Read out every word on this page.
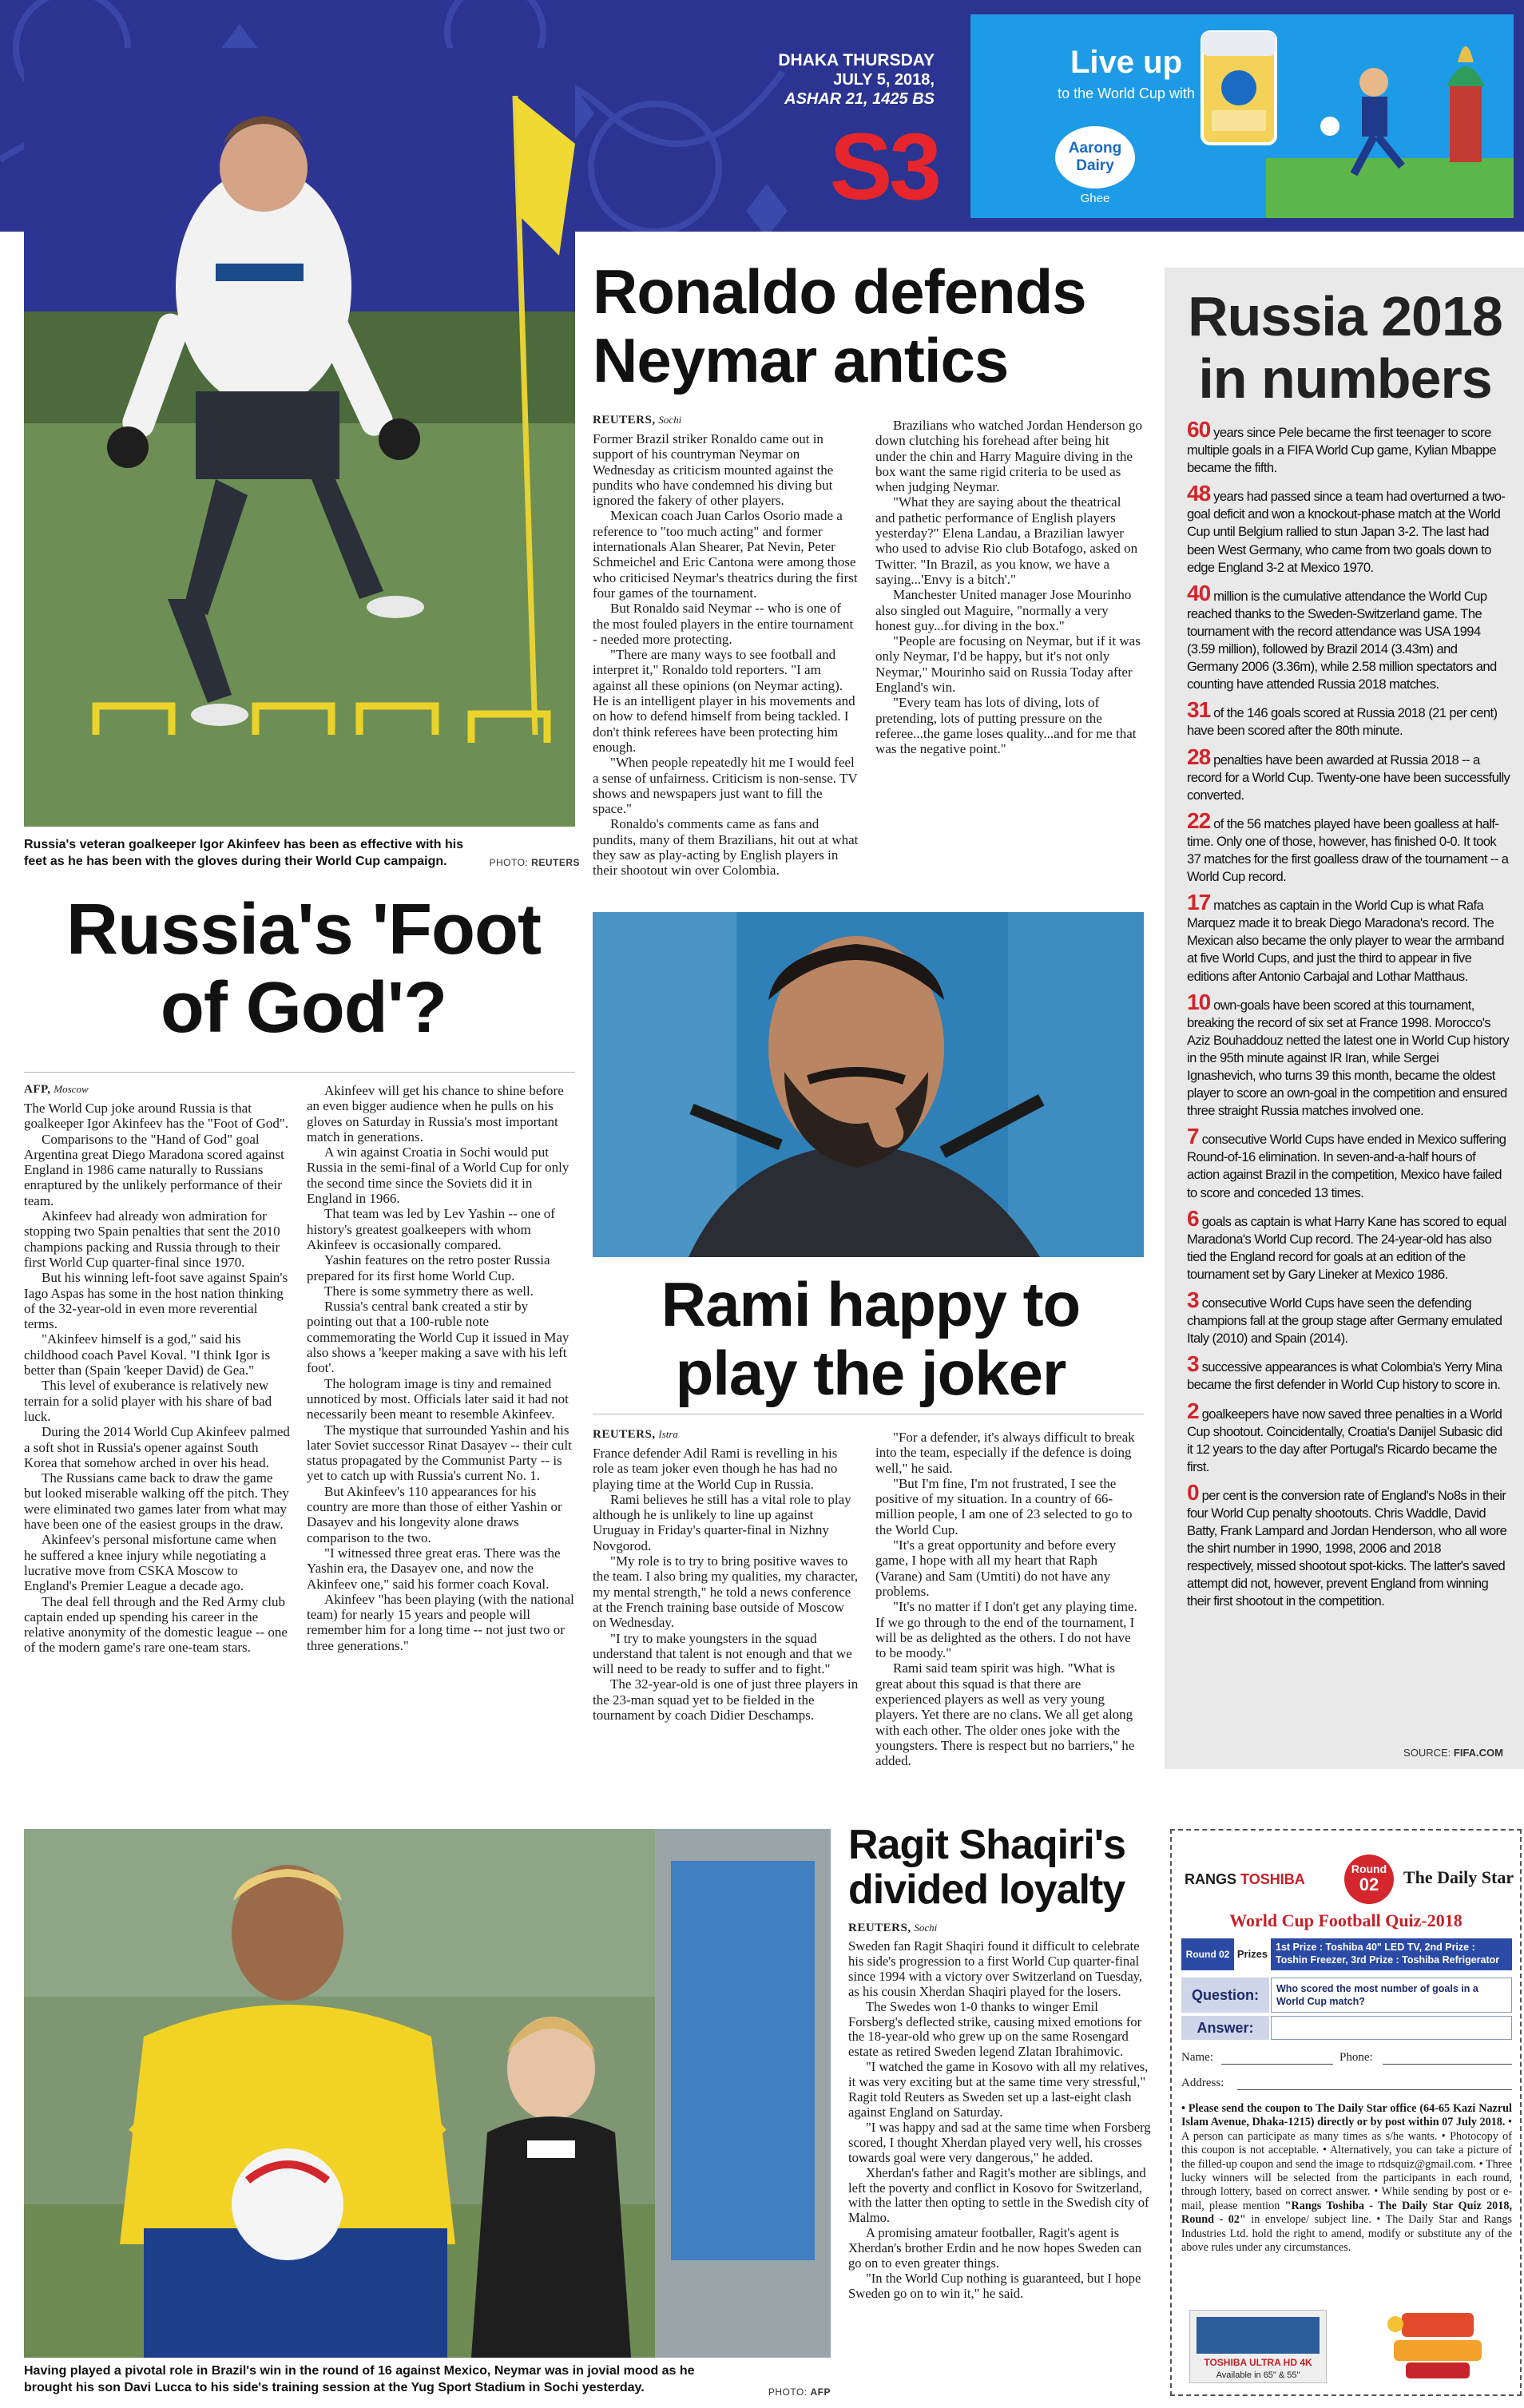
DHAKA THURSDAY
JULY 5, 2018,
ASHAR 21, 1425 BS
S3
Live up
to the World Cup with
Aarong Dairy
Ghee
Russia's veteran goalkeeper Igor Akinfeev has been as effective with his feet as he has been with the gloves during their World Cup campaign.	PHOTO: REUTERS
Ronaldo defends Neymar antics
REUTERS, Sochi

Former Brazil striker Ronaldo came out in support of his countryman Neymar on Wednesday as criticism mounted against the pundits who have condemned his diving but ignored the fakery of other players.

Mexican coach Juan Carlos Osorio made a reference to "too much acting" and former internationals Alan Shearer, Pat Nevin, Peter Schmeichel and Eric Cantona were among those who criticised Neymar's theatrics during the first four games of the tournament.

But Ronaldo said Neymar -- who is one of the most fouled players in the entire tournament - needed more protecting.

"There are many ways to see football and interpret it," Ronaldo told reporters. "I am against all these opinions (on Neymar acting). He is an intelligent player in his movements and on how to defend himself from being tackled. I don't think referees have been protecting him enough.

"When people repeatedly hit me I would feel a sense of unfairness. Criticism is non-sense. TV shows and newspapers just want to fill the space."

Ronaldo's comments came as fans and pundits, many of them Brazilians, hit out at what they saw as play-acting by English players in their shootout win over Colombia.

Brazilians who watched Jordan Henderson go down clutching his forehead after being hit under the chin and Harry Maguire diving in the box want the same rigid criteria to be used as when judging Neymar.

"What they are saying about the theatrical and pathetic performance of English players yesterday?" Elena Landau, a Brazilian lawyer who used to advise Rio club Botafogo, asked on Twitter. "In Brazil, as you know, we have a saying...'Envy is a bitch'."

Manchester United manager Jose Mourinho also singled out Maguire, "normally a very honest guy...for diving in the box."

"People are focusing on Neymar, but if it was only Neymar, I'd be happy, but it's not only Neymar," Mourinho said on Russia Today after England's win.

"Every team has lots of diving, lots of pretending, lots of putting pressure on the referee...the game loses quality...and for me that was the negative point."

Russia's 'Foot of God'?
AFP, Moscow

The World Cup joke around Russia is that goalkeeper Igor Akinfeev has the "Foot of God".

Comparisons to the "Hand of God" goal Argentina great Diego Maradona scored against England in 1986 came naturally to Russians enraptured by the unlikely performance of their team.

Akinfeev had already won admiration for stopping two Spain penalties that sent the 2010 champions packing and Russia through to their first World Cup quarter-final since 1970.

But his winning left-foot save against Spain's Iago Aspas has some in the host nation thinking of the 32-year-old in even more reverential terms.

"Akinfeev himself is a god," said his childhood coach Pavel Koval. "I think Igor is better than (Spain 'keeper David) de Gea."

This level of exuberance is relatively new terrain for a solid player with his share of bad luck.

During the 2014 World Cup Akinfeev palmed a soft shot in Russia's opener against South Korea that somehow arched in over his head.

The Russians came back to draw the game but looked miserable walking off the pitch. They were eliminated two games later from what may have been one of the easiest groups in the draw.

Akinfeev's personal misfortune came when he suffered a knee injury while negotiating a lucrative move from CSKA Moscow to England's Premier League a decade ago.

The deal fell through and the Red Army club captain ended up spending his career in the relative anonymity of the domestic league -- one of the modern game's rare one-team stars.

Akinfeev will get his chance to shine before an even bigger audience when he pulls on his gloves on Saturday in Russia's most important match in generations.

A win against Croatia in Sochi would put Russia in the semi-final of a World Cup for only the second time since the Soviets did it in England in 1966.

That team was led by Lev Yashin -- one of history's greatest goalkeepers with whom Akinfeev is occasionally compared.

Yashin features on the retro poster Russia prepared for its first home World Cup.

There is some symmetry there as well.

Russia's central bank created a stir by pointing out that a 100-ruble note commemorating the World Cup it issued in May also shows a 'keeper making a save with his left foot'.

The hologram image is tiny and remained unnoticed by most. Officials later said it had not necessarily been meant to resemble Akinfeev.

The mystique that surrounded Yashin and his later Soviet successor Rinat Dasayev -- their cult status propagated by the Communist Party -- is yet to catch up with Russia's current No. 1.

But Akinfeev's 110 appearances for his country are more than those of either Yashin or Dasayev and his longevity alone draws comparison to the two.

"I witnessed three great eras. There was the Yashin era, the Dasayev one, and now the Akinfeev one," said his former coach Koval.

Akinfeev "has been playing (with the national team) for nearly 15 years and people will remember him for a long time -- not just two or three generations."

Rami happy to play the joker
REUTERS, Istra

France defender Adil Rami is revelling in his role as team joker even though he has had no playing time at the World Cup in Russia.

Rami believes he still has a vital role to play although he is unlikely to line up against Uruguay in Friday's quarter-final in Nizhny Novgorod.

"My role is to try to bring positive waves to the team. I also bring my qualities, my character, my mental strength," he told a news conference at the French training base outside of Moscow on Wednesday.

"I try to make youngsters in the squad understand that talent is not enough and that we will need to be ready to suffer and to fight."

The 32-year-old is one of just three players in the 23-man squad yet to be fielded in the tournament by coach Didier Deschamps.

"For a defender, it's always difficult to break into the team, especially if the defence is doing well," he said.

"But I'm fine, I'm not frustrated, I see the positive of my situation. In a country of 66-million people, I am one of 23 selected to go to the World Cup.

"It's a great opportunity and before every game, I hope with all my heart that Raph (Varane) and Sam (Umtiti) do not have any problems.

"It's no matter if I don't get any playing time. If we go through to the end of the tournament, I will be as delighted as the others. I do not have to be moody."

Rami said team spirit was high. "What is great about this squad is that there are experienced players as well as very young players. Yet there are no clans. We all get along with each other. The older ones joke with the youngsters. There is respect but no barriers," he added.

Russia 2018 in numbers
60 years since Pele became the first teenager to score multiple goals in a FIFA World Cup game, Kylian Mbappe became the fifth.
48 years had passed since a team had overturned a two-goal deficit and won a knockout-phase match at the World Cup until Belgium rallied to stun Japan 3-2. The last had been West Germany, who came from two goals down to edge England 3-2 at Mexico 1970.
40 million is the cumulative attendance the World Cup reached thanks to the Sweden-Switzerland game. The tournament with the record attendance was USA 1994 (3.59 million), followed by Brazil 2014 (3.43m) and Germany 2006 (3.36m), while 2.58 million spectators and counting have attended Russia 2018 matches.
31 of the 146 goals scored at Russia 2018 (21 per cent) have been scored after the 80th minute.
28 penalties have been awarded at Russia 2018 -- a record for a World Cup. Twenty-one have been successfully converted.
22 of the 56 matches played have been goalless at half-time. Only one of those, however, has finished 0-0. It took 37 matches for the first goalless draw of the tournament -- a World Cup record.
17 matches as captain in the World Cup is what Rafa Marquez made it to break Diego Maradona's record. The Mexican also became the only player to wear the armband at five World Cups, and just the third to appear in five editions after Antonio Carbajal and Lothar Matthaus.
10 own-goals have been scored at this tournament, breaking the record of six set at France 1998. Morocco's Aziz Bouhaddouz netted the latest one in World Cup history in the 95th minute against IR Iran, while Sergei Ignashevich, who turns 39 this month, became the oldest player to score an own-goal in the competition and ensured three straight Russia matches involved one.
7 consecutive World Cups have ended in Mexico suffering Round-of-16 elimination. In seven-and-a-half hours of action against Brazil in the competition, Mexico have failed to score and conceded 13 times.
6 goals as captain is what Harry Kane has scored to equal Maradona's World Cup record. The 24-year-old has also tied the England record for goals at an edition of the tournament set by Gary Lineker at Mexico 1986.
3 consecutive World Cups have seen the defending champions fall at the group stage after Germany emulated Italy (2010) and Spain (2014).
3 successive appearances is what Colombia's Yerry Mina became the first defender in World Cup history to score in.
2 goalkeepers have now saved three penalties in a World Cup shootout. Coincidentally, Croatia's Danijel Subasic did it 12 years to the day after Portugal's Ricardo became the first.
0 per cent is the conversion rate of England's No8s in their four World Cup penalty shootouts. Chris Waddle, David Batty, Frank Lampard and Jordan Henderson, who all wore the shirt number in 1990, 1998, 2006 and 2018 respectively, missed shootout spot-kicks. The latter's saved attempt did not, however, prevent England from winning their first shootout in the competition.
SOURCE: FIFA.COM
Having played a pivotal role in Brazil's win in the round of 16 against Mexico, Neymar was in jovial mood as he brought his son Davi Lucca to his side's training session at the Yug Sport Stadium in Sochi yesterday.	PHOTO: AFP
Ragit Shaqiri's divided loyalty
REUTERS, Sochi

Sweden fan Ragit Shaqiri found it difficult to celebrate his side's progression to a first World Cup quarter-final since 1994 with a victory over Switzerland on Tuesday, as his cousin Xherdan Shaqiri played for the losers.

The Swedes won 1-0 thanks to winger Emil Forsberg's deflected strike, causing mixed emotions for the 18-year-old who grew up on the same Rosengard estate as retired Sweden legend Zlatan Ibrahimovic.

"I watched the game in Kosovo with all my relatives, it was very exciting but at the same time very stressful," Ragit told Reuters as Sweden set up a last-eight clash against England on Saturday.

"I was happy and sad at the same time when Forsberg scored, I thought Xherdan played very well, his crosses towards goal were very dangerous," he added.

Xherdan's father and Ragit's mother are siblings, and left the poverty and conflict in Kosovo for Switzerland, with the latter then opting to settle in the Swedish city of Malmo.

A promising amateur footballer, Ragit's agent is Xherdan's brother Erdin and he now hopes Sweden can go on to even greater things.

"In the World Cup nothing is guaranteed, but I hope Sweden go on to win it," he said.

RANGS TOSHIBA
Round
02	The Daily Star
World Cup Football Quiz-2018
Round 02 Prizes
1st Prize : Toshiba 40" LED TV, 2nd Prize : Toshin Freezer, 3rd Prize : Toshiba Refrigerator
Question:	Who scored the most number of goals in a World Cup match?
Answer:
Name:	Phone:
Address:
• Please send the coupon to The Daily Star office (64-65 Kazi Nazrul Islam Avenue, Dhaka-1215) directly or by post within 07 July 2018. • A person can participate as many times as s/he wants. • Photocopy of this coupon is not acceptable. • Alternatively, you can take a picture of the filled-up coupon and send the image to rtdsquiz@gmail.com. • Three lucky winners will be selected from the participants in each round, through lottery, based on correct answer. • While sending by post or e-mail, please mention "Rangs Toshiba - The Daily Star Quiz 2018, Round - 02" in envelope/ subject line. • The Daily Star and Rangs Industries Ltd. hold the right to amend, modify or substitute any of the above rules under any circumstances.
TOSHIBA ULTRA HD 4K
Available in 65" & 55"
